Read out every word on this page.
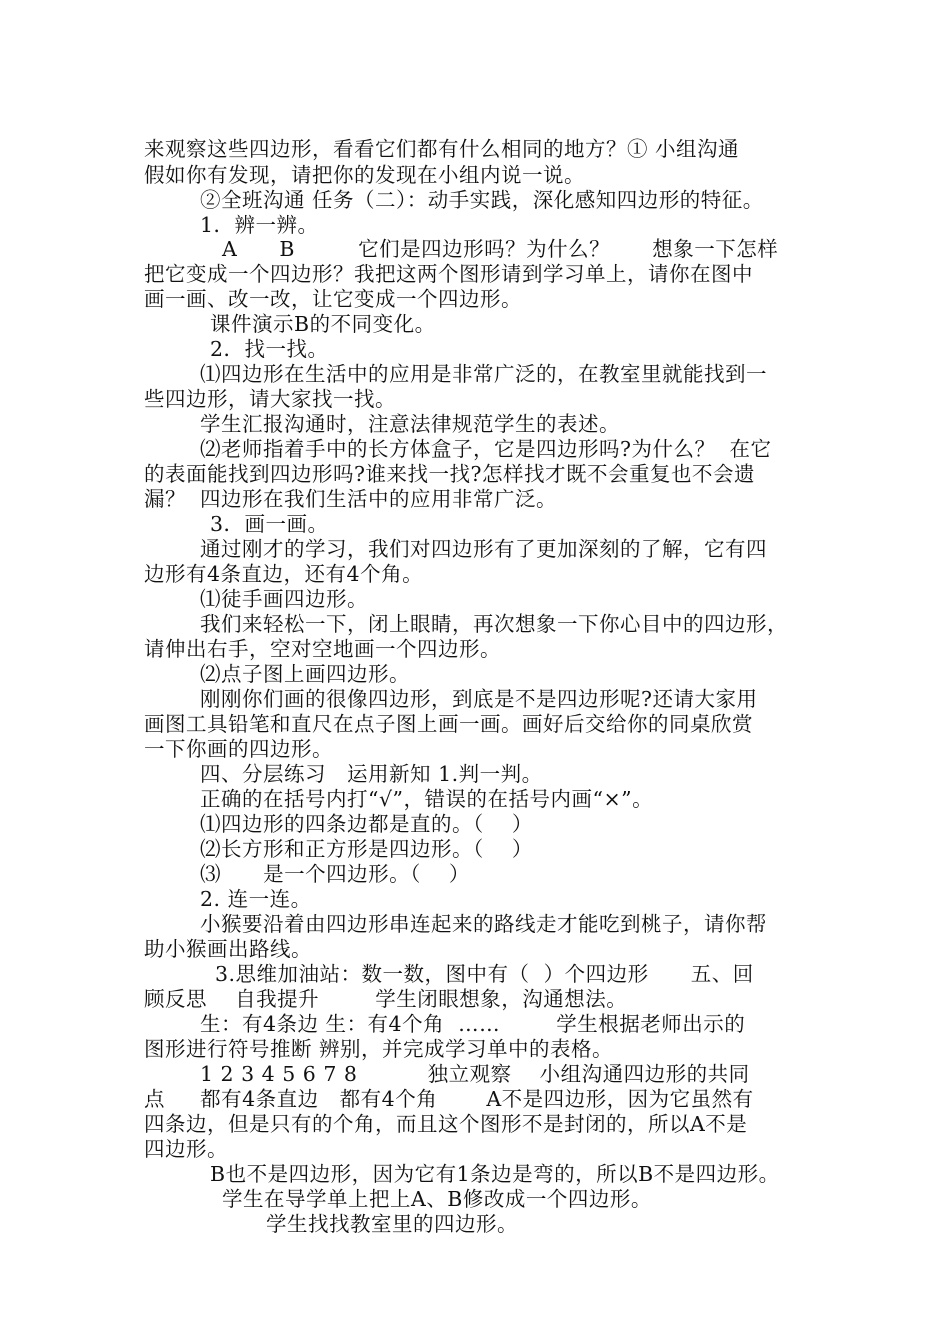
来观察这些四边形，看看它们都有什么相同的地方？① 小组沟通
假如你有发现，请把你的发现在小组内说一说。
②全班沟通 任务（二）：动手实践，深化感知四边形的特征。
1．辨一辨。
A      B         它们是四边形吗？为什么？      想象一下怎样
把它变成一个四边形？我把这两个图形请到学习单上，请你在图中
画一画、改一改，让它变成一个四边形。
课件演示B的不同变化。
2．找一找。
⑴四边形在生活中的应用是非常广泛的，在教室里就能找到一
些四边形，请大家找一找。
学生汇报沟通时，注意法律规范学生的表述。
⑵老师指着手中的长方体盒子，它是四边形吗?为什么？  在它
的表面能找到四边形吗?谁来找一找?怎样找才既不会重复也不会遗
漏？  四边形在我们生活中的应用非常广泛。
3．画一画。
通过刚才的学习，我们对四边形有了更加深刻的了解，它有四
边形有4条直边，还有4个角。
⑴徒手画四边形。
我们来轻松一下，闭上眼睛，再次想象一下你心目中的四边形，
请伸出右手，空对空地画一个四边形。
⑵点子图上画四边形。
刚刚你们画的很像四边形，到底是不是四边形呢?还请大家用
画图工具铅笔和直尺在点子图上画一画。画好后交给你的同桌欣赏
一下你画的四边形。
四、分层练习   运用新知 1.判一判。
正确的在括号内打“√”，错误的在括号内画“×”。
⑴四边形的四条边都是直的。（    ）
⑵长方形和正方形是四边形。（    ）
⑶      是一个四边形。（    ）
2. 连一连。
小猴要沿着由四边形串连起来的路线走才能吃到桃子，请你帮
助小猴画出路线。
3.思维加油站：数一数，图中有（  ）个四边形      五、回
顾反思    自我提升        学生闭眼想象，沟通想法。
生：有4条边 生：有4个角  ……        学生根据老师出示的
图形进行符号推断 辨别，并完成学习单中的表格。
1 2 3 4 5 6 7 8          独立观察    小组沟通四边形的共同
点     都有4条直边   都有4个角       A不是四边形，因为它虽然有
四条边，但是只有的个角，而且这个图形不是封闭的，所以A不是
四边形。
B也不是四边形，因为它有1条边是弯的，所以B不是四边形。
学生在导学单上把上A、B修改成一个四边形。
学生找找教室里的四边形。
